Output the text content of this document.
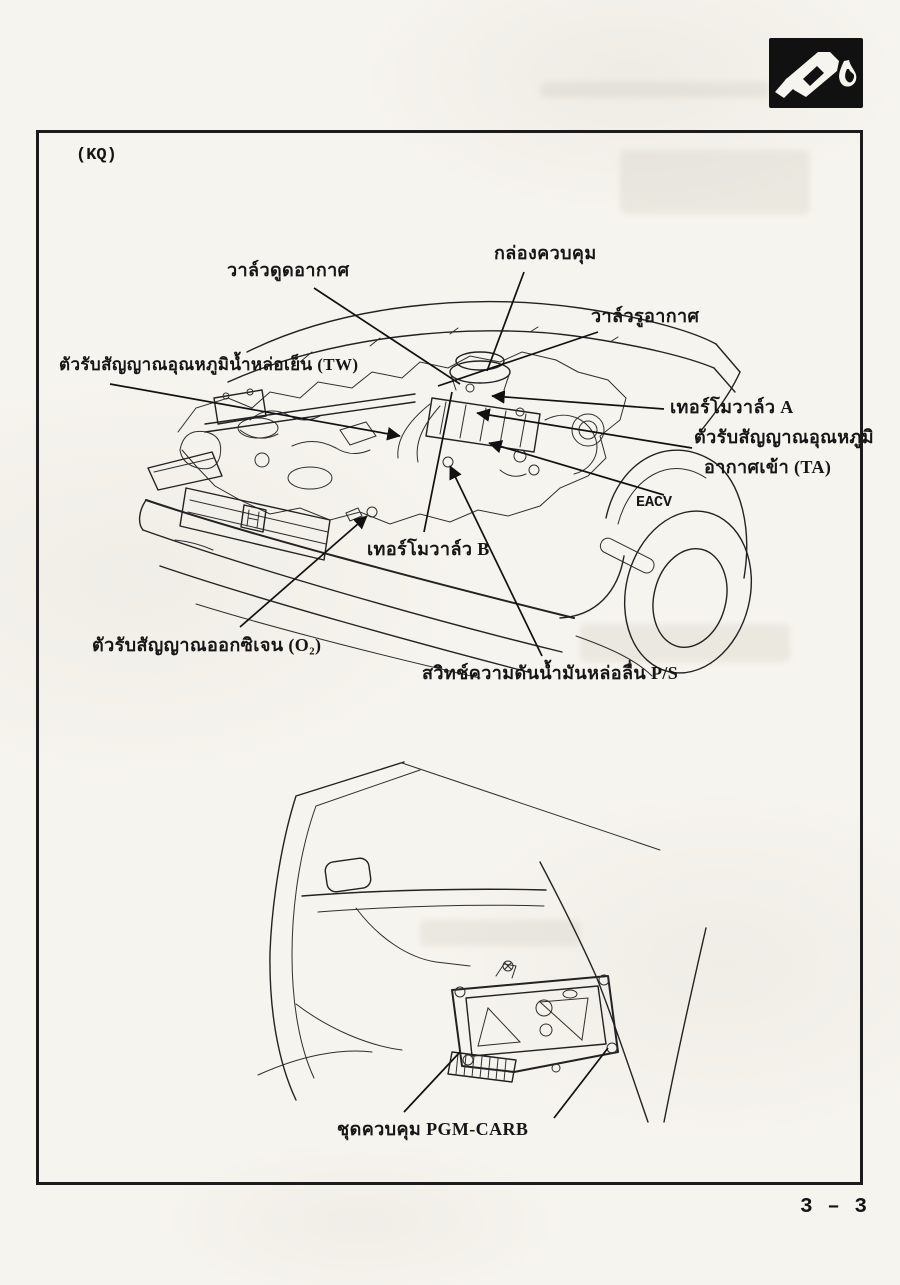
(KQ)
วาล์วดูดอากาศ
กล่องควบคุม
วาล์วรูอากาศ
ตัวรับสัญญาณอุณหภูมิน้ำหล่อเย็น (TW)
เทอร์โมวาล์ว A
ตัวรับสัญญาณอุณหภูมิ
อากาศเข้า (TA)
EACV
เทอร์โมวาล์ว B
ตัวรับสัญญาณออกซิเจน (O₂)
สวิทช์ความดันน้ำมันหล่อลื่น P/S
ชุดควบคุม PGM-CARB
3 – 3
